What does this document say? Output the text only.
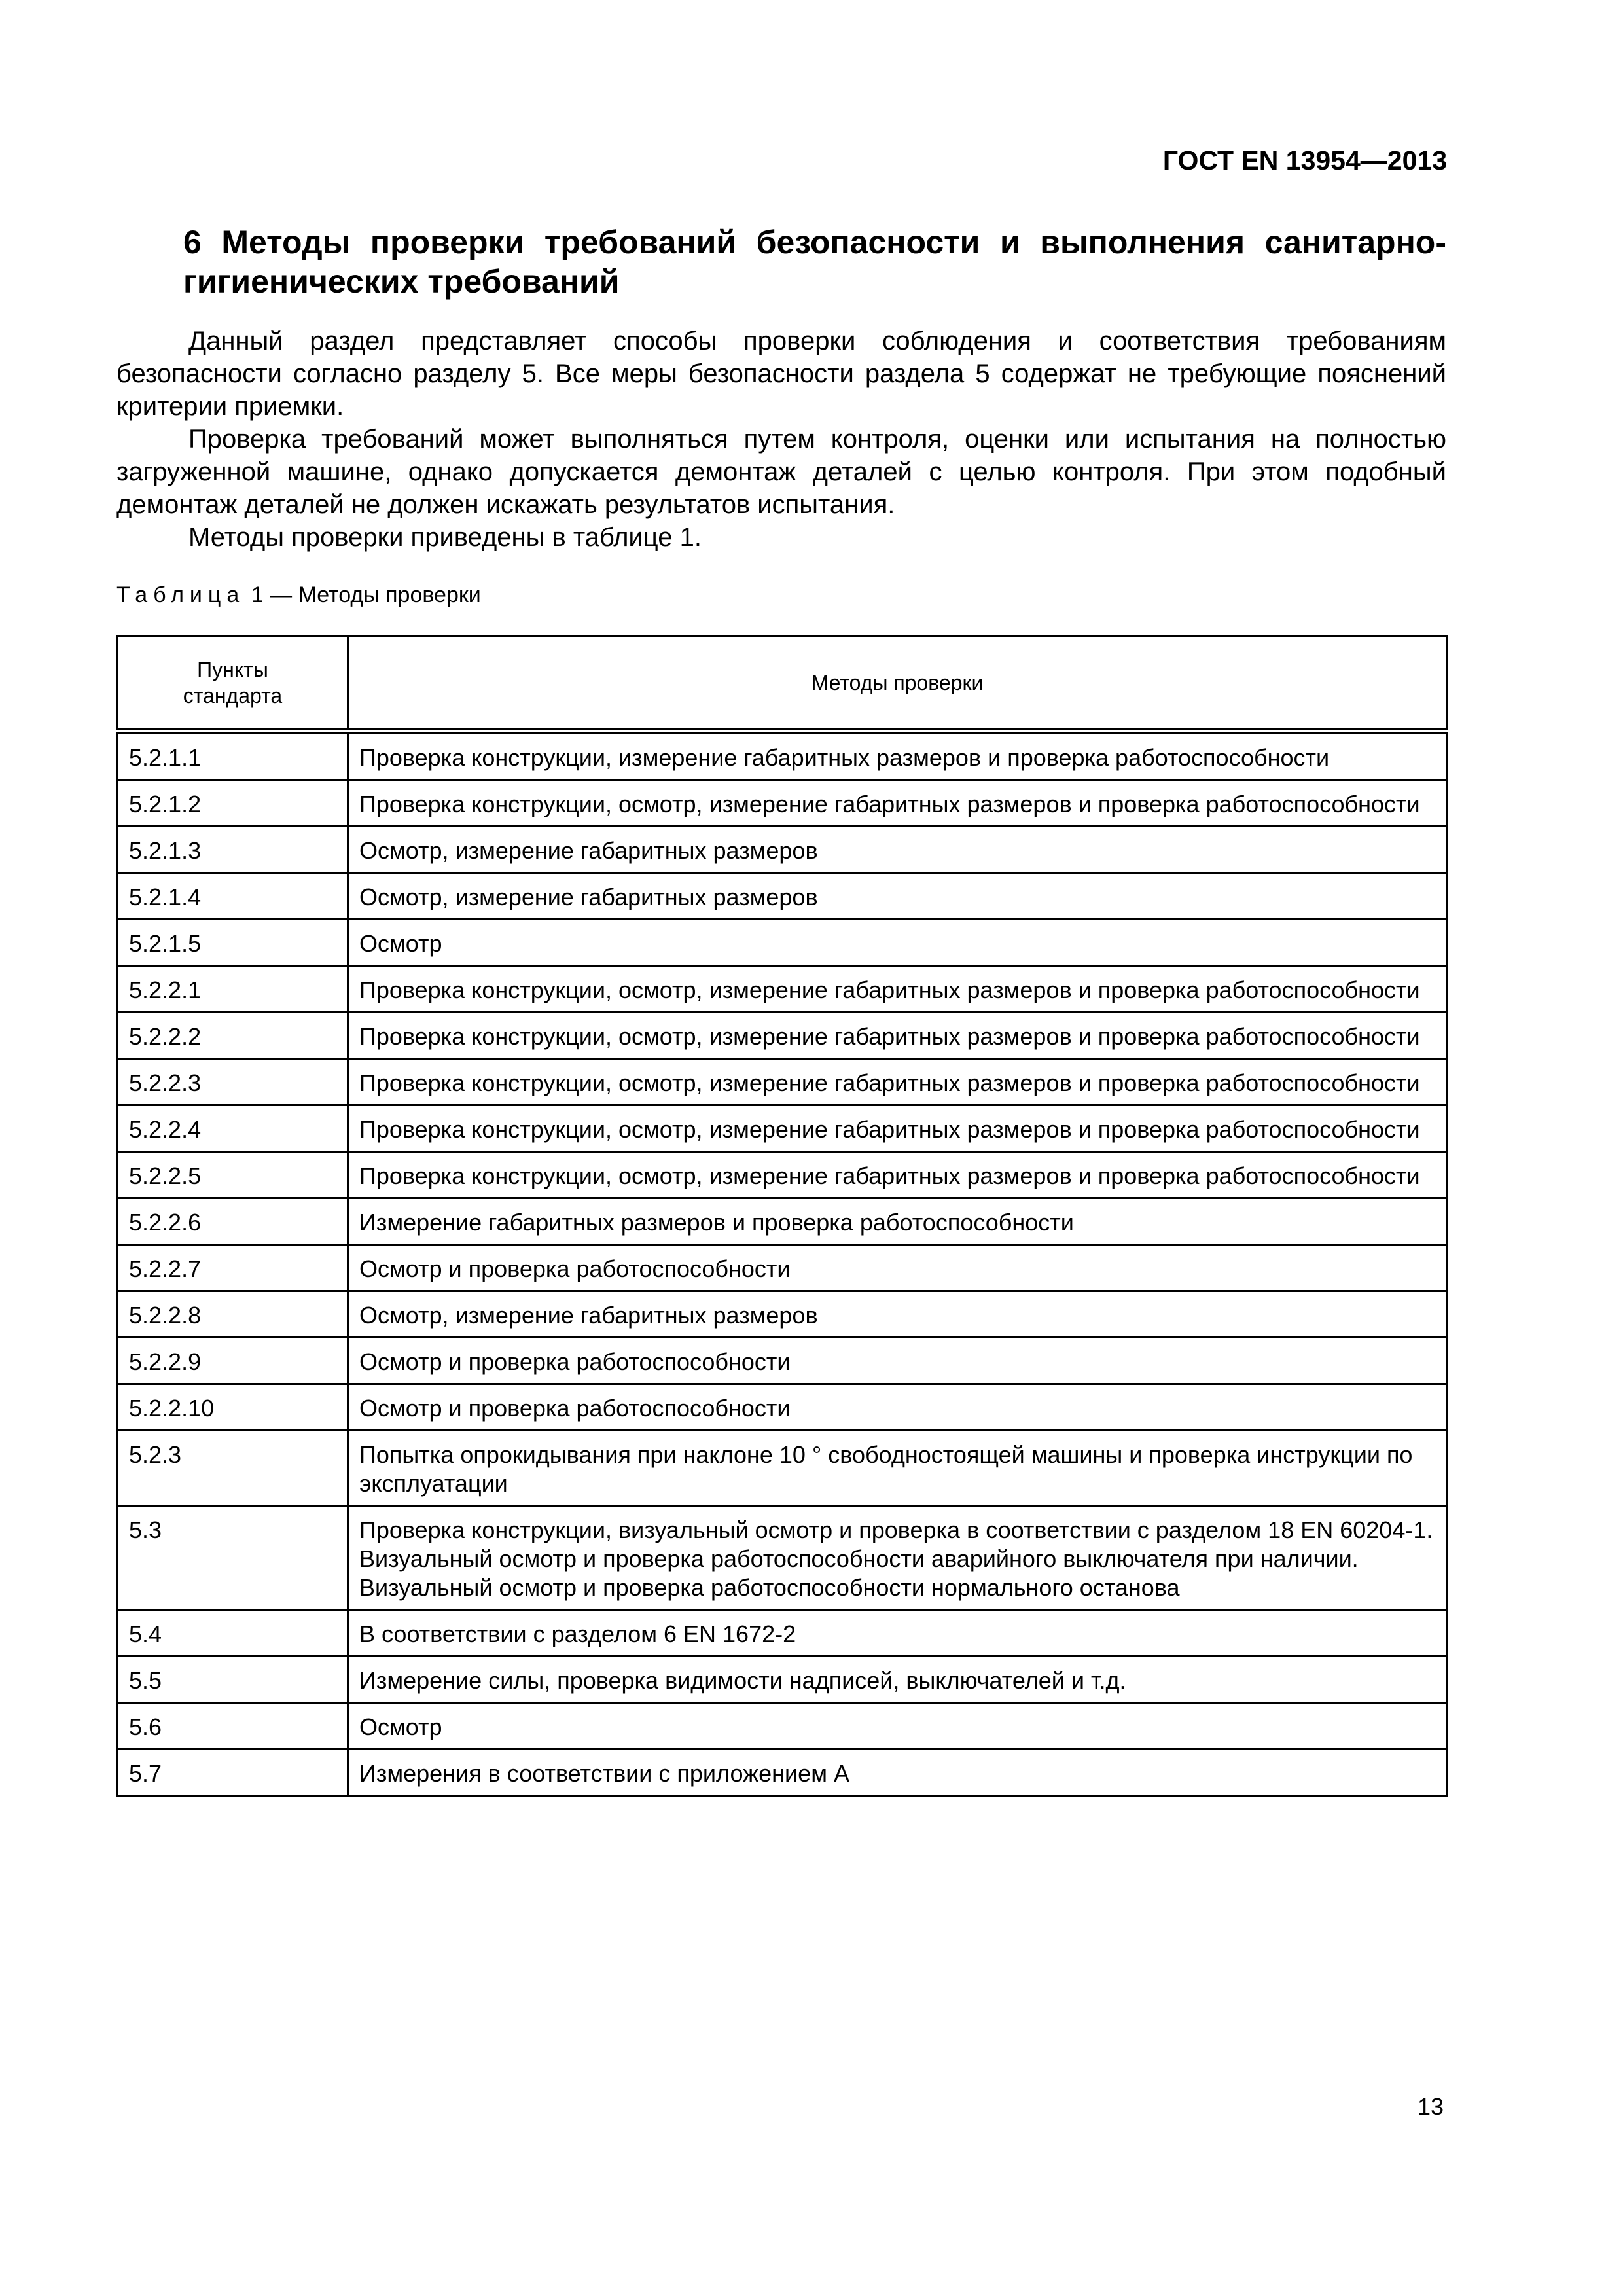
ГОСТ EN 13954—2013
6 Методы проверки требований безопасности и выполнения санитарно-гигиенических требований

Данный раздел представляет способы проверки соблюдения и соответствия требованиям безопасности согласно разделу 5. Все меры безопасности раздела 5 содержат не требующие пояснений критерии приемки.

Проверка требований может выполняться путем контроля, оценки или испытания на полностью загруженной машине, однако допускается демонтаж деталей с целью контроля. При этом подобный демонтаж деталей не должен искажать результатов испытания.

Методы проверки приведены в таблице 1.

Таблица 1 — Методы проверки
Пункты стандарта	Методы проверки
5.2.1.1	Проверка конструкции, измерение габаритных размеров и проверка работоспособности

5.2.1.2	Проверка конструкции, осмотр, измерение габаритных размеров и проверка работоспособности

5.2.1.3	Осмотр, измерение габаритных размеров

5.2.1.4	Осмотр, измерение габаритных размеров

5.2.1.5	Осмотр

5.2.2.1	Проверка конструкции, осмотр, измерение габаритных размеров и проверка работоспособности

5.2.2.2	Проверка конструкции, осмотр, измерение габаритных размеров и проверка работоспособности

5.2.2.3	Проверка конструкции, осмотр, измерение габаритных размеров и проверка работоспособности

5.2.2.4	Проверка конструкции, осмотр, измерение габаритных размеров и проверка работоспособности

5.2.2.5	Проверка конструкции, осмотр, измерение габаритных размеров и проверка работоспособности

5.2.2.6	Измерение габаритных размеров и проверка работоспособности

5.2.2.7	Осмотр и проверка работоспособности

5.2.2.8	Осмотр, измерение габаритных размеров

5.2.2.9	Осмотр и проверка работоспособности

5.2.2.10	Осмотр и проверка работоспособности

5.2.3	Попытка опрокидывания при наклоне 10 ° свободностоящей машины и проверка инструкции по эксплуатации

5.3	Проверка конструкции, визуальный осмотр и проверка в соответствии с разделом 18 EN 60204-1.
Визуальный осмотр и проверка работоспособности аварийного выключателя при наличии.
Визуальный осмотр и проверка работоспособности нормального останова

5.4	В соответствии с разделом 6 EN 1672-2

5.5	Измерение силы, проверка видимости надписей, выключателей и т.д.

5.6	Осмотр

5.7	Измерения в соответствии с приложением A
13
